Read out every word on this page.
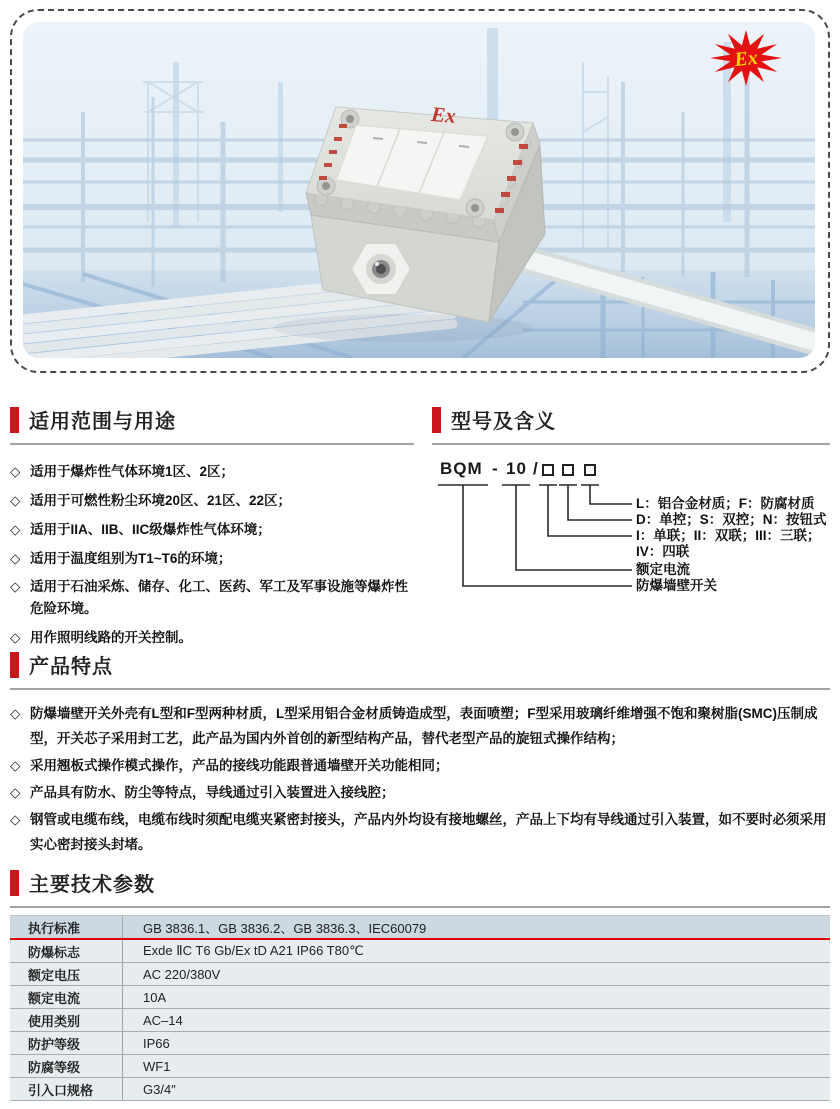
Ex
Ex
适用范围与用途
◇ 适用于爆炸性气体环境1区、2区；
◇ 适用于可燃性粉尘环境20区、21区、22区；
◇ 适用于IIA、IIB、IIC级爆炸性气体环境；
◇ 适用于温度组别为T1~T6的环境；
◇ 适用于石油采炼、储存、化工、医药、军工及军事设施等爆炸性危险环境。
◇ 用作照明线路的开关控制。
型号及含义
BQM - 10 /
L：铝合金材质；F：防腐材质
D：单控；S：双控；N：按钮式
I：单联；II：双联；III：三联；
IV：四联
额定电流
防爆墙壁开关
产品特点
◇ 防爆墙壁开关外壳有L型和F型两种材质，L型采用铝合金材质铸造成型，表面喷塑；F型采用玻璃纤维增强不饱和聚树脂(SMC)压制成型，开关芯子采用封工艺，此产品为国内外首创的新型结构产品，替代老型产品的旋钮式操作结构；
◇ 采用翘板式操作模式操作，产品的接线功能跟普通墙壁开关功能相同；
◇ 产品具有防水、防尘等特点，导线通过引入装置进入接线腔；
◇ 钢管或电缆布线，电缆布线时须配电缆夹紧密封接头，产品内外均设有接地螺丝，产品上下均有导线通过引入装置，如不要时必须采用实心密封接头封堵。
主要技术参数
执行标准	GB 3836.1、GB 3836.2、GB 3836.3、IEC60079
防爆标志	Exde ⅡC T6 Gb/Ex tD A21 IP66 T80℃
额定电压	AC 220/380V
额定电流	10A
使用类别	AC–14
防护等级	IP66
防腐等级	WF1
引入口规格	G3/4″
